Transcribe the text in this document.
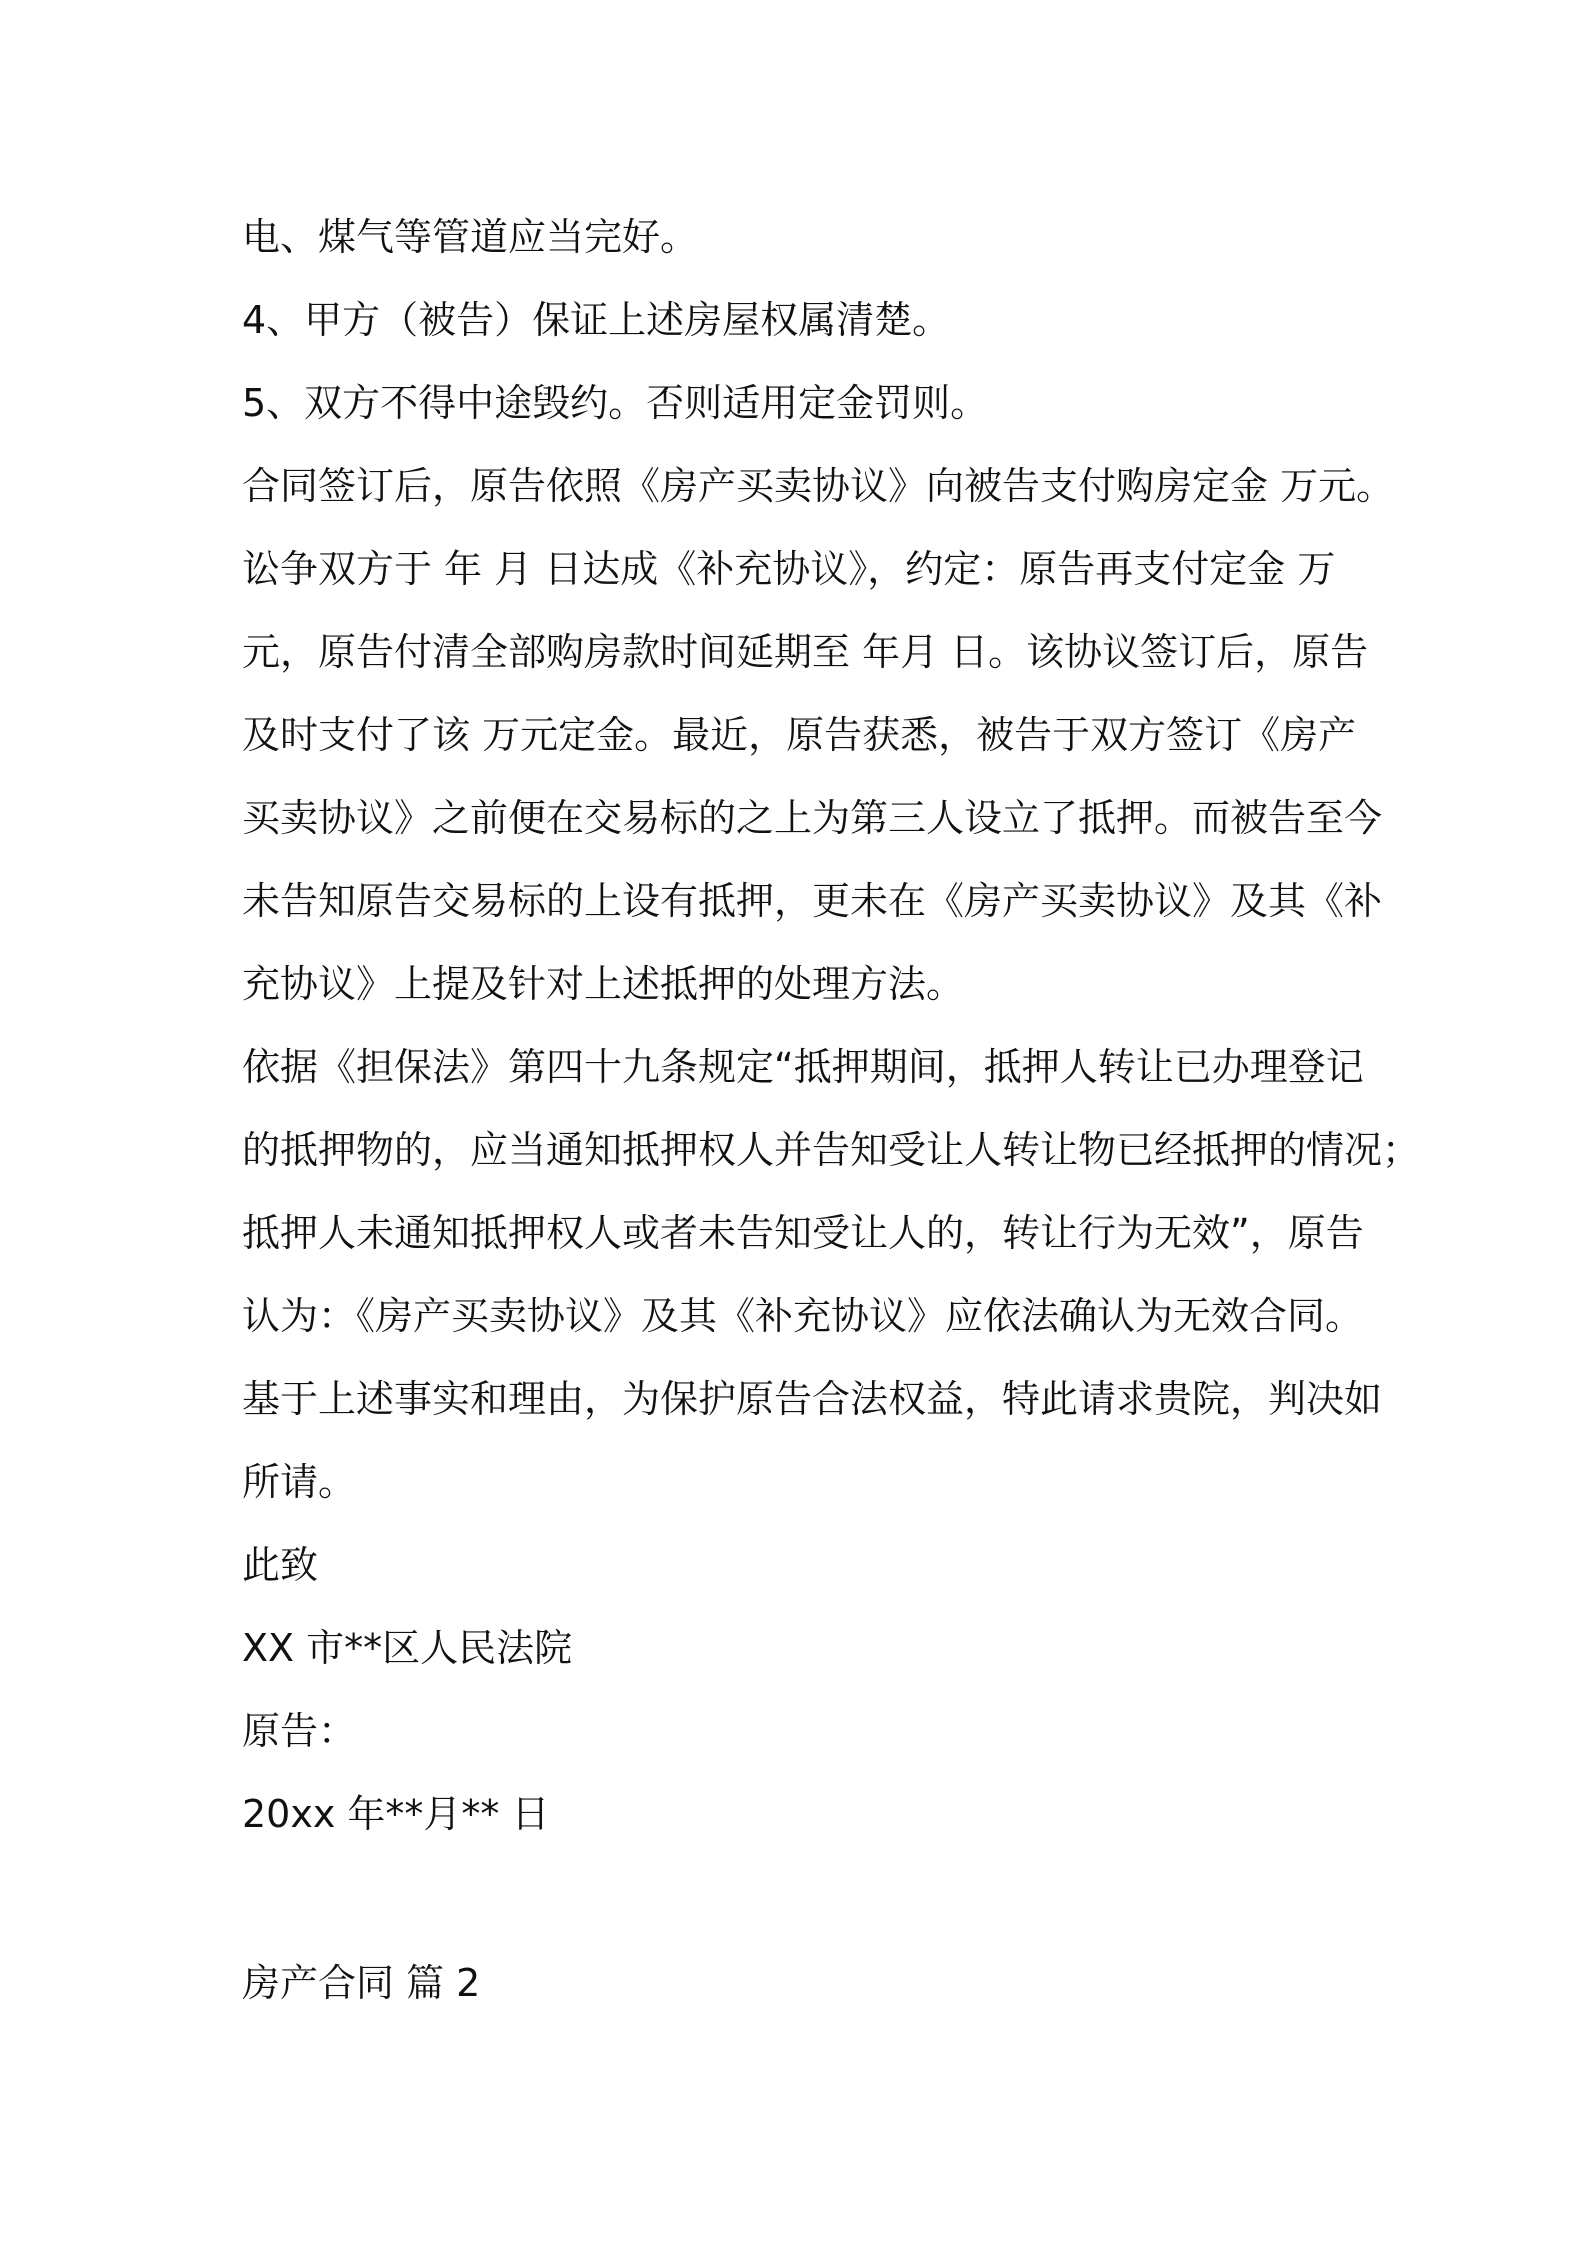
电、煤气等管道应当完好。
4、甲方（被告）保证上述房屋权属清楚。
5、双方不得中途毁约。否则适用定金罚则。
合同签订后，原告依照《房产买卖协议》向被告支付购房定金 万元。
讼争双方于 年 月 日达成《补充协议》，约定：原告再支付定金 万
元，原告付清全部购房款时间延期至 年月 日。该协议签订后，原告
及时支付了该 万元定金。最近，原告获悉，被告于双方签订《房产
买卖协议》之前便在交易标的之上为第三人设立了抵押。而被告至今
未告知原告交易标的上设有抵押，更未在《房产买卖协议》及其《补
充协议》上提及针对上述抵押的处理方法。
依据《担保法》第四十九条规定“抵押期间，抵押人转让已办理登记
的抵押物的，应当通知抵押权人并告知受让人转让物已经抵押的情况；
抵押人未通知抵押权人或者未告知受让人的，转让行为无效”，原告
认为：《房产买卖协议》及其《补充协议》应依法确认为无效合同。
基于上述事实和理由，为保护原告合法权益，特此请求贵院，判决如
所请。
此致
XX 市**区人民法院
原告：
20xx 年**月** 日
房产合同 篇 2
